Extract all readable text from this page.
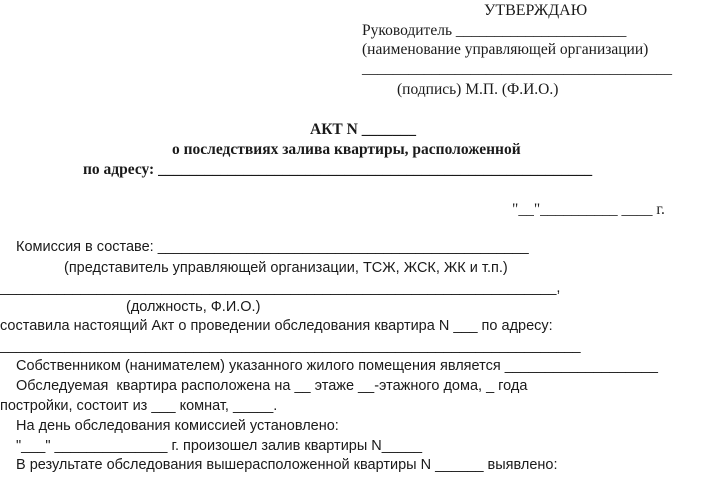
УТВЕРЖДАЮ
Руководитель ______________________
(наименование управляющей организации)
________________________________________
(подпись) М.П. (Ф.И.О.)
АКТ N _______
о последствиях залива квартиры, расположенной
по адресу: ________________________________________________________
"__"__________ ____ г.
Комиссия в составе: ______________________________________________
(представитель управляющей организации, ТСЖ, ЖСК, ЖК и т.п.)
_____________________________________________________________________,
(должность, Ф.И.О.)
составила настоящий Акт о проведении обследования квартира N ___ по адресу:
________________________________________________________________________
Собственником (нанимателем) указанного жилого помещения является ___________________
Обследуемая  квартира расположена на __ этаже __-этажного дома, _ года
постройки, состоит из ___ комнат, _____.
На день обследования комиссией установлено:
"___" ______________ г. произошел залив квартиры N_____
В результате обследования вышерасположенной квартиры N ______ выявлено:
